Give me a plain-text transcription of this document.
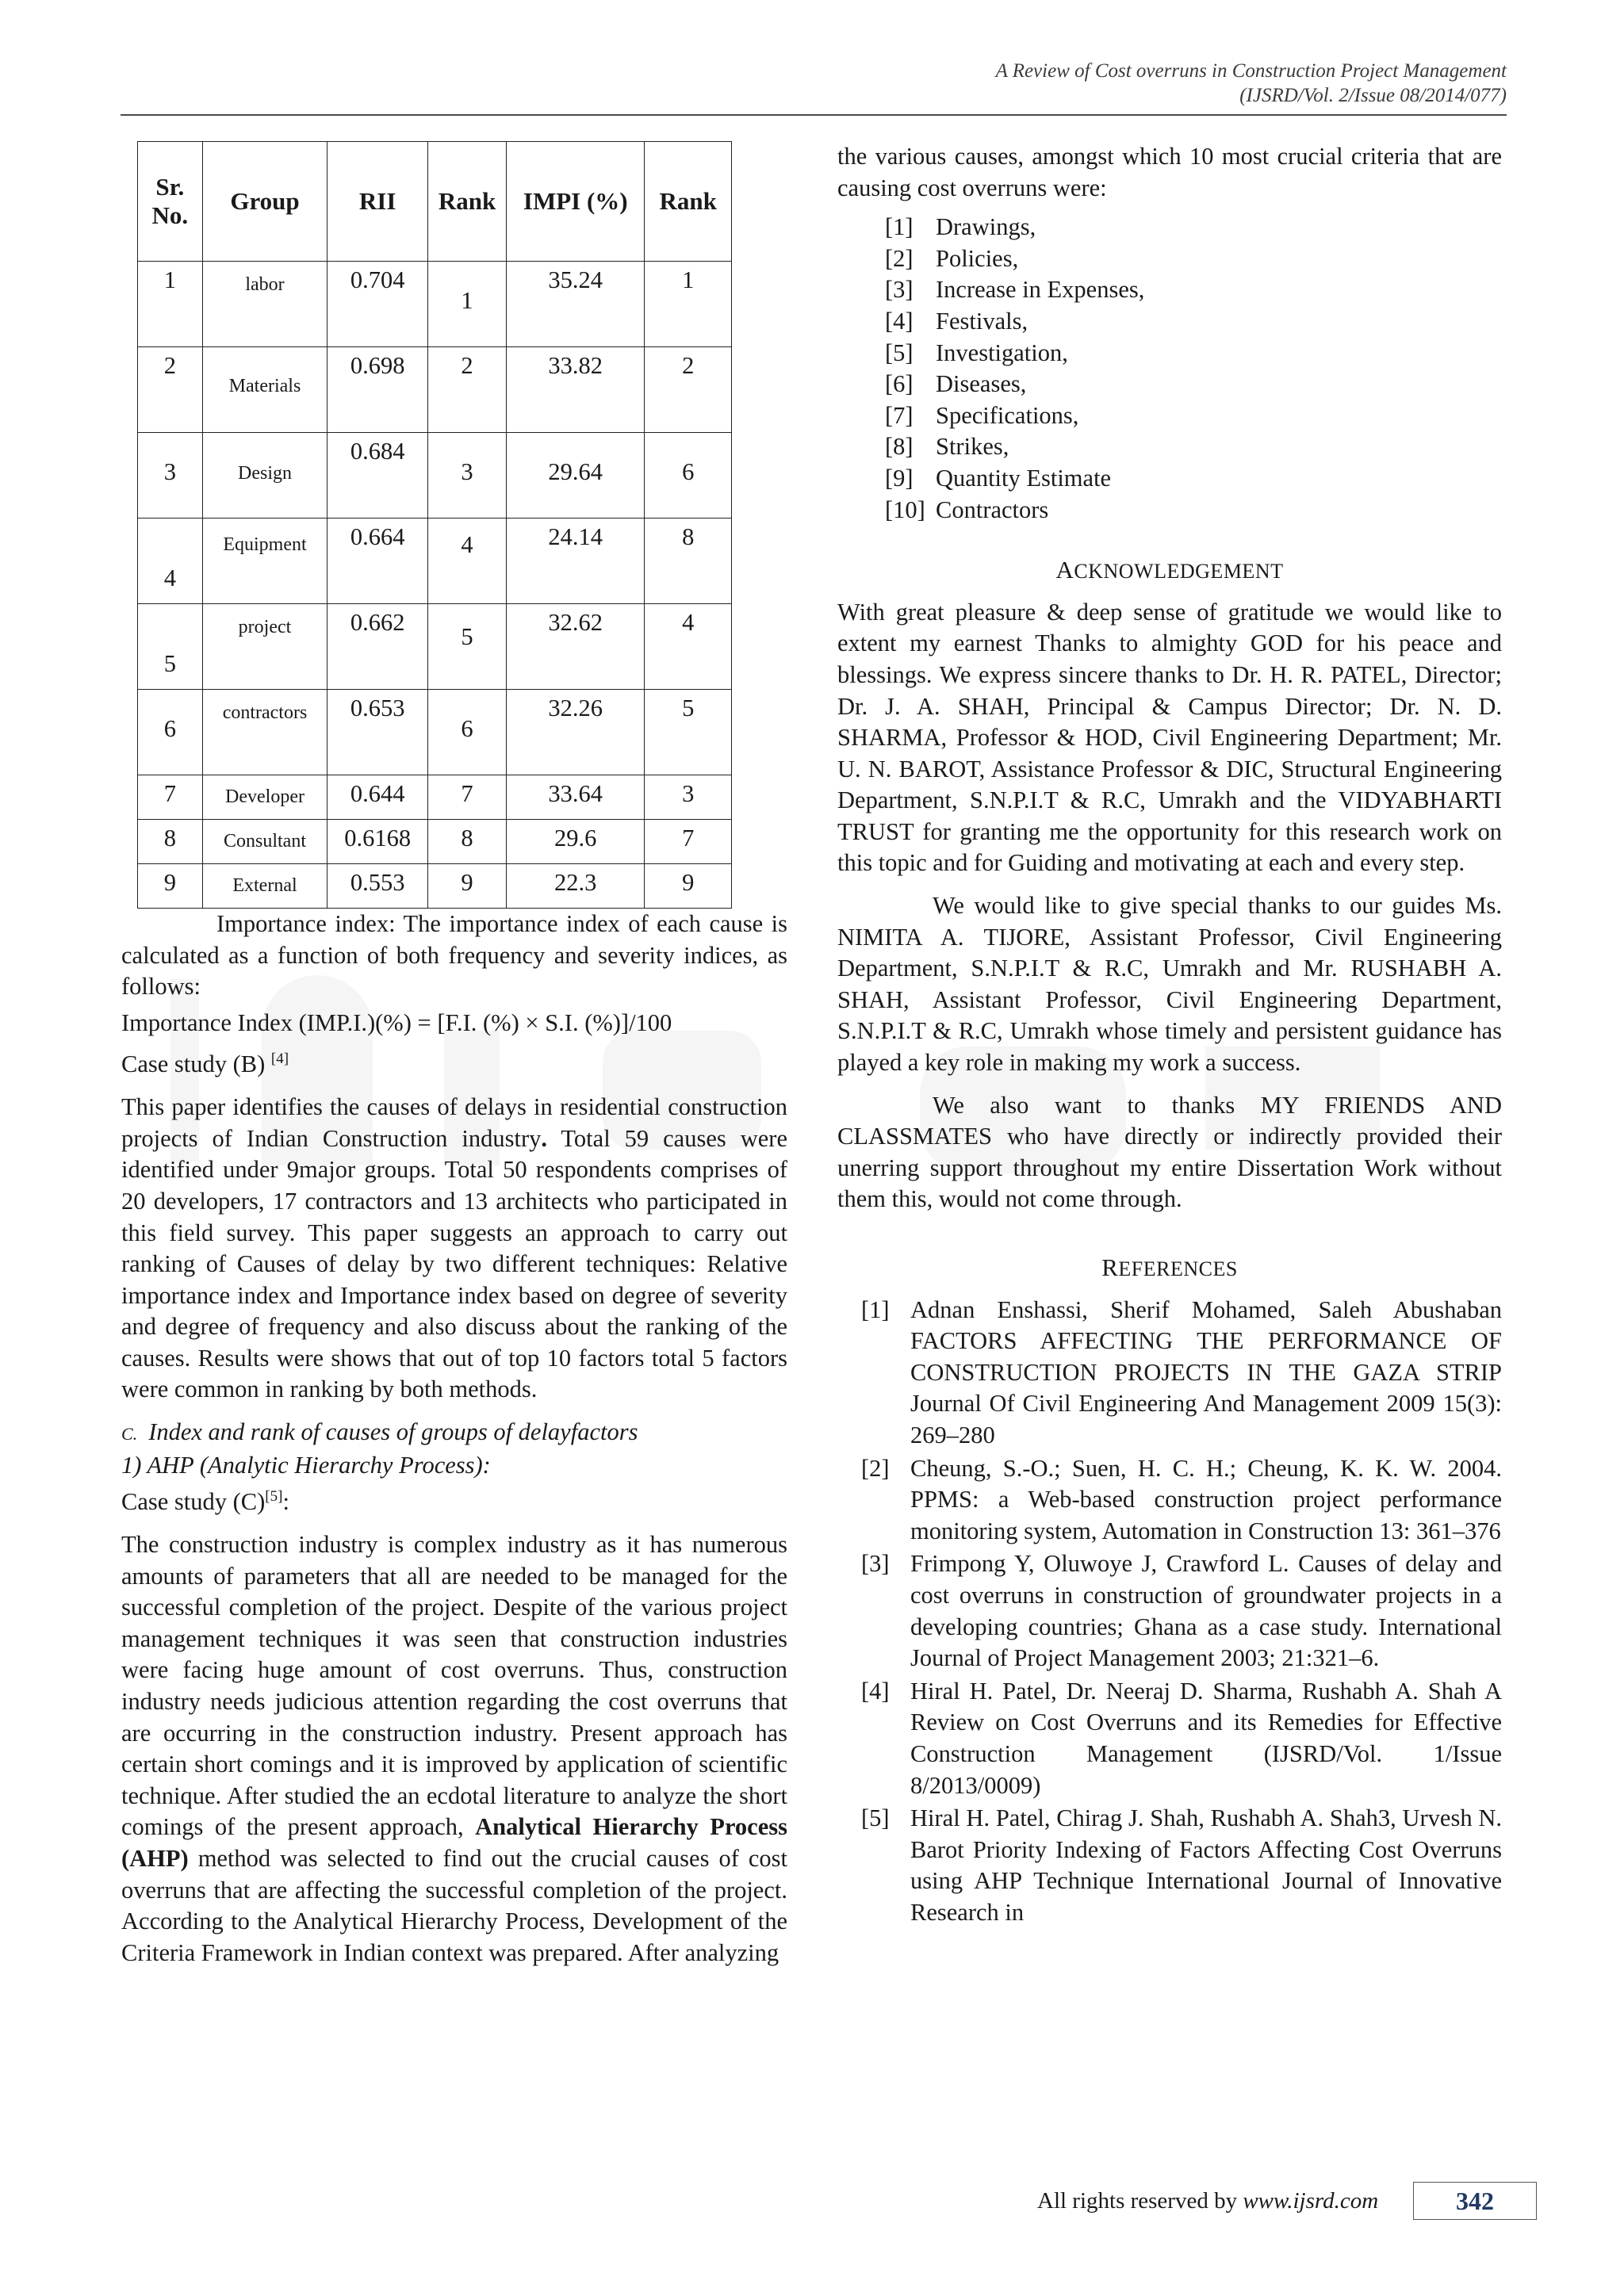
A Review of Cost overruns in Construction Project Management
(IJSRD/Vol. 2/Issue 08/2014/077)
Sr. No.	Group	RII	Rank	IMPI (%)	Rank
1	labor	0.704	1	35.24	1
2	Materials	0.698	2	33.82	2
3	Design	0.684	3	29.64	6
4	Equipment	0.664	4	24.14	8
5	project	0.662	5	32.62	4
6	contractors	0.653	6	32.26	5
7	Developer	0.644	7	33.64	3
8	Consultant	0.6168	8	29.6	7
9	External	0.553	9	22.3	9

Importance index: The importance index of each cause is calculated as a function of both frequency and severity indices, as follows:

Importance Index (IMP.I.)(%) = [F.I. (%) × S.I. (%)]/100

Case study (B) [4]

This paper identifies the causes of delays in residential construction projects of Indian Construction industry. Total 59 causes were identified under 9major groups. Total 50 respondents comprises of 20 developers, 17 contractors and 13 architects who participated in this field survey. This paper suggests an approach to carry out ranking of Causes of delay by two different techniques: Relative importance index and Importance index based on degree of severity and degree of frequency and also discuss about the ranking of the causes. Results were shows that out of top 10 factors total 5 factors were common in ranking by both methods.

C. Index and rank of causes of groups of delayfactors

1) AHP (Analytic Hierarchy Process):

Case study (C)[5]:

The construction industry is complex industry as it has numerous amounts of parameters that all are needed to be managed for the successful completion of the project. Despite of the various project management techniques it was seen that construction industries were facing huge amount of cost overruns. Thus, construction industry needs judicious attention regarding the cost overruns that are occurring in the construction industry. Present approach has certain short comings and it is improved by application of scientific technique. After studied the an ecdotal literature to analyze the short comings of the present approach, Analytical Hierarchy Process (AHP) method was selected to find out the crucial causes of cost overruns that are affecting the successful completion of the project. According to the Analytical Hierarchy Process, Development of the Criteria Framework in Indian context was prepared. After analyzing

the various causes, amongst which 10 most crucial criteria that are causing cost overruns were:

[1] Drawings,
[2] Policies,
[3] Increase in Expenses,
[4] Festivals,
[5] Investigation,
[6] Diseases,
[7] Specifications,
[8] Strikes,
[9] Quantity Estimate
[10] Contractors
ACKNOWLEDGEMENT

With great pleasure & deep sense of gratitude we would like to extent my earnest Thanks to almighty GOD for his peace and blessings. We express sincere thanks to Dr. H. R. PATEL, Director; Dr. J. A. SHAH, Principal & Campus Director; Dr. N. D. SHARMA, Professor & HOD, Civil Engineering Department; Mr. U. N. BAROT, Assistance Professor & DIC, Structural Engineering Department, S.N.P.I.T & R.C, Umrakh and the VIDYABHARTI TRUST for granting me the opportunity for this research work on this topic and for Guiding and motivating at each and every step.

We would like to give special thanks to our guides Ms. NIMITA A. TIJORE, Assistant Professor, Civil Engineering Department, S.N.P.I.T & R.C, Umrakh and Mr. RUSHABH A. SHAH, Assistant Professor, Civil Engineering Department, S.N.P.I.T & R.C, Umrakh whose timely and persistent guidance has played a key role in making my work a success.

We also want to thanks MY FRIENDS AND CLASSMATES who have directly or indirectly provided their unerring support throughout my entire Dissertation Work without them this, would not come through.

REFERENCES
[1] Adnan Enshassi, Sherif Mohamed, Saleh Abushaban FACTORS AFFECTING THE PERFORMANCE OF CONSTRUCTION PROJECTS IN THE GAZA STRIP Journal Of Civil Engineering And Management 2009 15(3): 269–280
[2] Cheung, S.-O.; Suen, H. C. H.; Cheung, K. K. W. 2004. PPMS: a Web-based construction project performance monitoring system, Automation in Construction 13: 361–376
[3] Frimpong Y, Oluwoye J, Crawford L. Causes of delay and cost overruns in construction of groundwater projects in a developing countries; Ghana as a case study. International Journal of Project Management 2003; 21:321–6.
[4] Hiral H. Patel, Dr. Neeraj D. Sharma, Rushabh A. Shah A Review on Cost Overruns and its Remedies for Effective Construction Management (IJSRD/Vol. 1/Issue 8/2013/0009)
[5] Hiral H. Patel, Chirag J. Shah, Rushabh A. Shah3, Urvesh N. Barot Priority Indexing of Factors Affecting Cost Overruns using AHP Technique International Journal of Innovative Research in
All rights reserved by www.ijsrd.com	342
